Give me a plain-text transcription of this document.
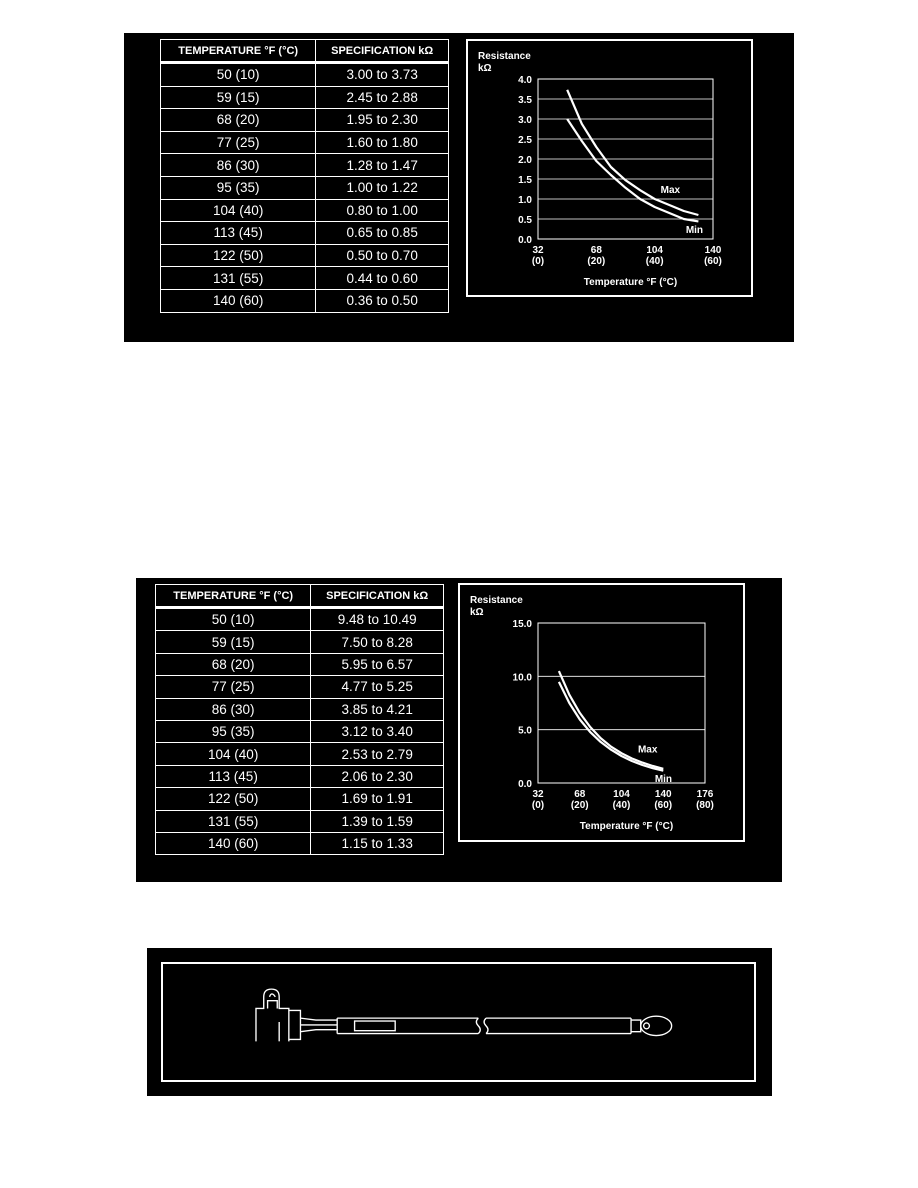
TEMPERATURE °F (°C)	SPECIFICATION kΩ
50 (10)	3.00 to 3.73
59 (15)	2.45 to 2.88
68 (20)	1.95 to 2.30
77 (25)	1.60 to 1.80
86 (30)	1.28 to 1.47
95 (35)	1.00 to 1.22
104 (40)	0.80 to 1.00
113 (45)	0.65 to 0.85
122 (50)	0.50 to 0.70
131 (55)	0.44 to 0.60
140 (60)	0.36 to 0.50
Resistance
kΩ
0.0
0.5
1.0
1.5
2.0
2.5
3.0
3.5
4.0
32
(0)
68
(20)
104
(40)
140
(60)
Temperature °F (°C)
Max
Min
TEMPERATURE °F (°C)	SPECIFICATION kΩ
50 (10)	9.48 to 10.49
59 (15)	7.50 to 8.28
68 (20)	5.95 to 6.57
77 (25)	4.77 to 5.25
86 (30)	3.85 to 4.21
95 (35)	3.12 to 3.40
104 (40)	2.53 to 2.79
113 (45)	2.06 to 2.30
122 (50)	1.69 to 1.91
131 (55)	1.39 to 1.59
140 (60)	1.15 to 1.33
Resistance
kΩ
0.0
5.0
10.0
15.0
32
(0)
68
(20)
104
(40)
140
(60)
176
(80)
Temperature °F (°C)
Max
Min
